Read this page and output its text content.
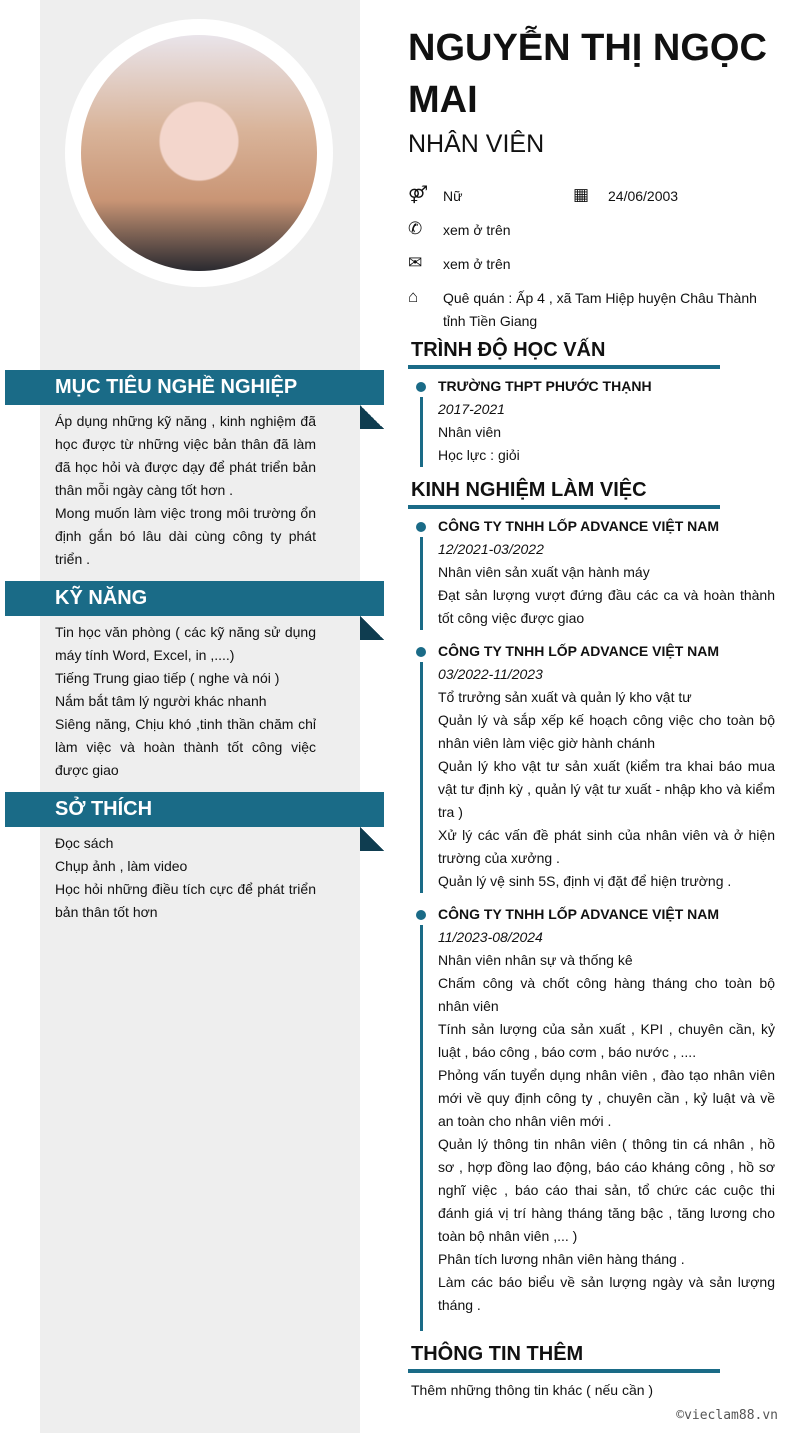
MỤC TIÊU NGHỀ NGHIỆP

Áp dụng những kỹ năng , kinh nghiệm đã học được từ những việc bản thân đã làm đã học hỏi và được dạy để phát triển bản thân mỗi ngày càng tốt hơn .

Mong muốn làm việc trong môi trường ổn định gắn bó lâu dài cùng công ty phát triển .

KỸ NĂNG

Tin học văn phòng ( các kỹ năng sử dụng máy tính Word, Excel, in ,....)

Tiếng Trung giao tiếp ( nghe và nói )

Nắm bắt tâm lý người khác nhanh

Siêng năng, Chịu khó ,tinh thần chăm chỉ làm việc và hoàn thành tốt công việc được giao

SỞ THÍCH

Đọc sách

Chụp ảnh , làm video

Học hỏi những điều tích cực để phát triển bản thân tốt hơn

NGUYỄN THỊ NGỌC MAI
NHÂN VIÊN
⚤	Nữ	▦	24/06/2003
✆	xem ở trên
✉	xem ở trên
⌂	Quê quán : Ấp 4 , xã Tam Hiệp huyện Châu Thành tỉnh Tiền Giang
TRÌNH ĐỘ HỌC VẤN
TRƯỜNG THPT PHƯỚC THẠNH
2017-2021

Nhân viên

Học lực : giỏi

KINH NGHIỆM LÀM VIỆC
CÔNG TY TNHH LỐP ADVANCE VIỆT NAM
12/2021-03/2022

Nhân viên sản xuất vận hành máy

Đạt sản lượng vượt đứng đầu các ca và hoàn thành tốt công việc được giao

CÔNG TY TNHH LỐP ADVANCE VIỆT NAM
03/2022-11/2023

Tổ trưởng sản xuất và quản lý kho vật tư

Quản lý và sắp xếp kế hoạch công việc cho toàn bộ nhân viên làm việc giờ hành chánh

Quản lý kho vật tư sản xuất (kiểm tra khai báo mua vật tư định kỳ , quản lý vật tư xuất - nhập kho và kiểm tra )

Xử lý các vấn đề phát sinh của nhân viên và ở hiện trường của xưởng .

Quản lý vệ sinh 5S, định vị đặt để hiện trường .

CÔNG TY TNHH LỐP ADVANCE VIỆT NAM
11/2023-08/2024

Nhân viên nhân sự và thống kê

Chấm công và chốt công hàng tháng cho toàn bộ nhân viên

Tính sản lượng của sản xuất , KPI , chuyên cần, kỷ luật , báo công , báo cơm , báo nước , ....

Phỏng vấn tuyển dụng nhân viên , đào tạo nhân viên mới về quy định công ty , chuyên cần , kỷ luật và về an toàn cho nhân viên mới .

Quản lý thông tin nhân viên ( thông tin cá nhân , hồ sơ , hợp đồng lao động, báo cáo kháng công , hồ sơ nghĩ việc , báo cáo thai sản, tổ chức các cuộc thi đánh giá vị trí hàng tháng tăng bậc , tăng lương cho toàn bộ nhân viên ,... )

Phân tích lương nhân viên hàng tháng .

Làm các báo biểu về sản lượng ngày và sản lượng tháng .

THÔNG TIN THÊM
Thêm những thông tin khác ( nếu cần )
©vieclam88.vn
